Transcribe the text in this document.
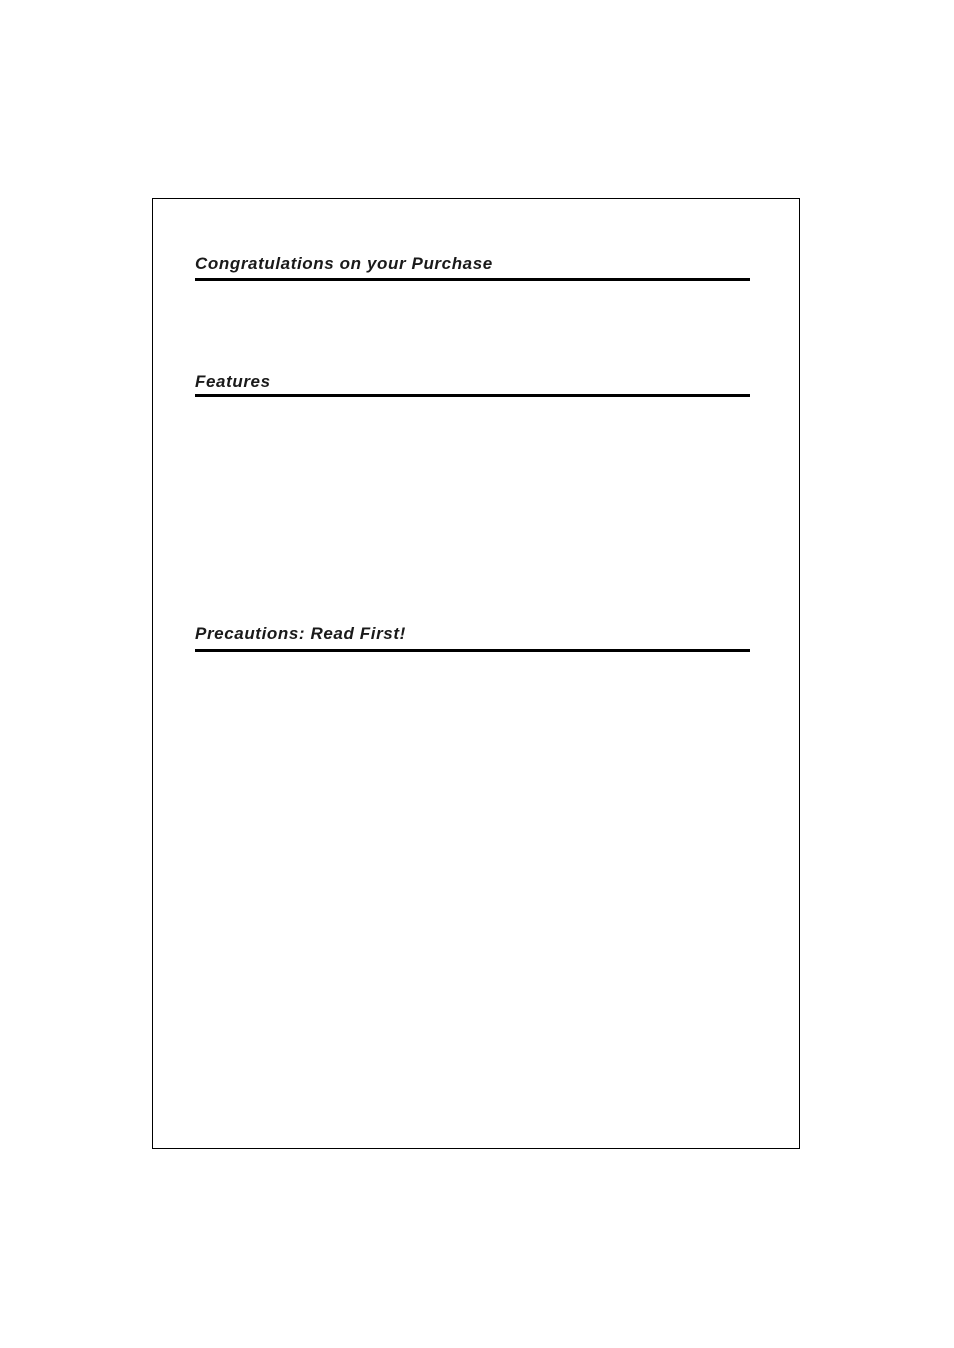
Congratulations on your Purchase
Features
Precautions: Read First!
